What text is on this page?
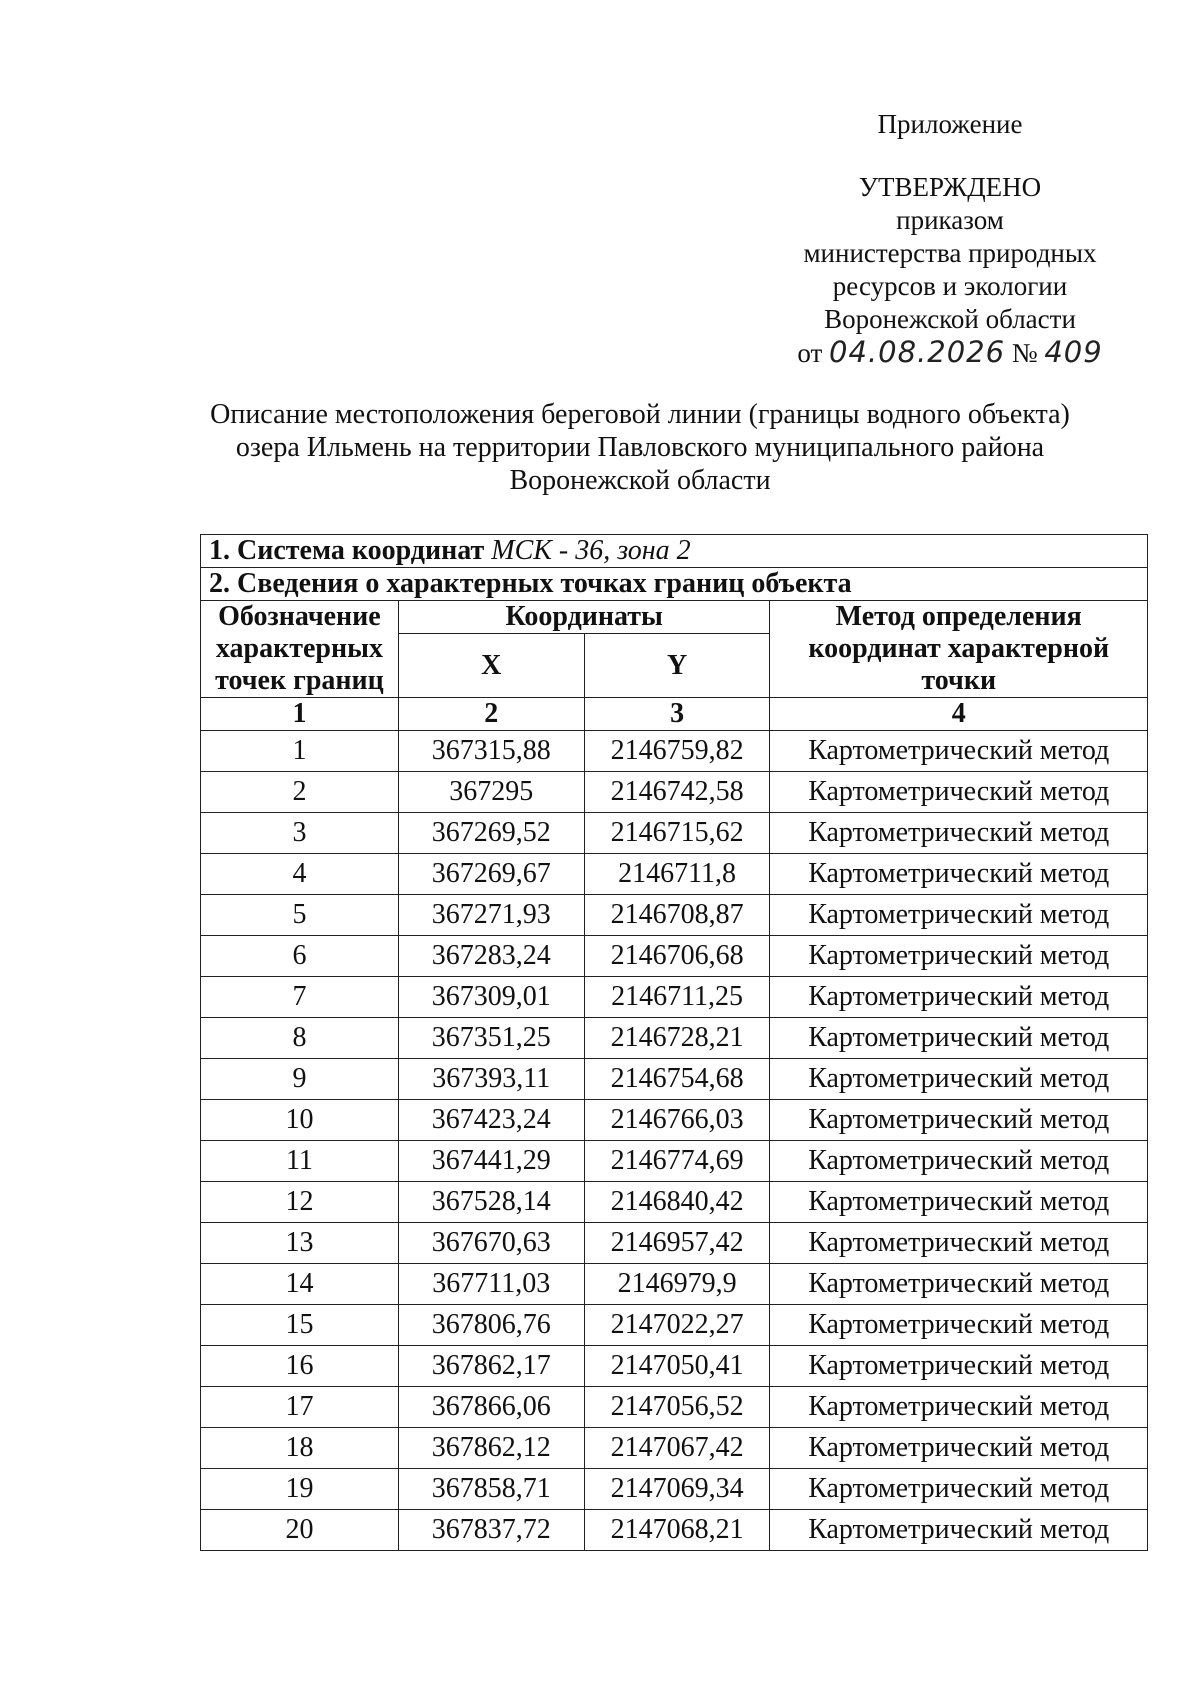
Приложение
УТВЕРЖДЕНО
приказом
министерства природных
ресурсов и экологии
Воронежской области
от 04.08.2026 № 409
Описание местоположения береговой линии (границы водного объекта)
озера Ильмень на территории Павловского муниципального района
Воронежской области
1. Система координат МСК - 36, зона 2			
2. Сведения о характерных точках границ объекта			
Обозначение характерных точек границ	Координаты		Метод определения координат характерной точки
	X	Y	
1	2	3	4
1	367315,88	2146759,82	Картометрический метод
2	367295	2146742,58	Картометрический метод
3	367269,52	2146715,62	Картометрический метод
4	367269,67	2146711,8	Картометрический метод
5	367271,93	2146708,87	Картометрический метод
6	367283,24	2146706,68	Картометрический метод
7	367309,01	2146711,25	Картометрический метод
8	367351,25	2146728,21	Картометрический метод
9	367393,11	2146754,68	Картометрический метод
10	367423,24	2146766,03	Картометрический метод
11	367441,29	2146774,69	Картометрический метод
12	367528,14	2146840,42	Картометрический метод
13	367670,63	2146957,42	Картометрический метод
14	367711,03	2146979,9	Картометрический метод
15	367806,76	2147022,27	Картометрический метод
16	367862,17	2147050,41	Картометрический метод
17	367866,06	2147056,52	Картометрический метод
18	367862,12	2147067,42	Картометрический метод
19	367858,71	2147069,34	Картометрический метод
20	367837,72	2147068,21	Картометрический метод
